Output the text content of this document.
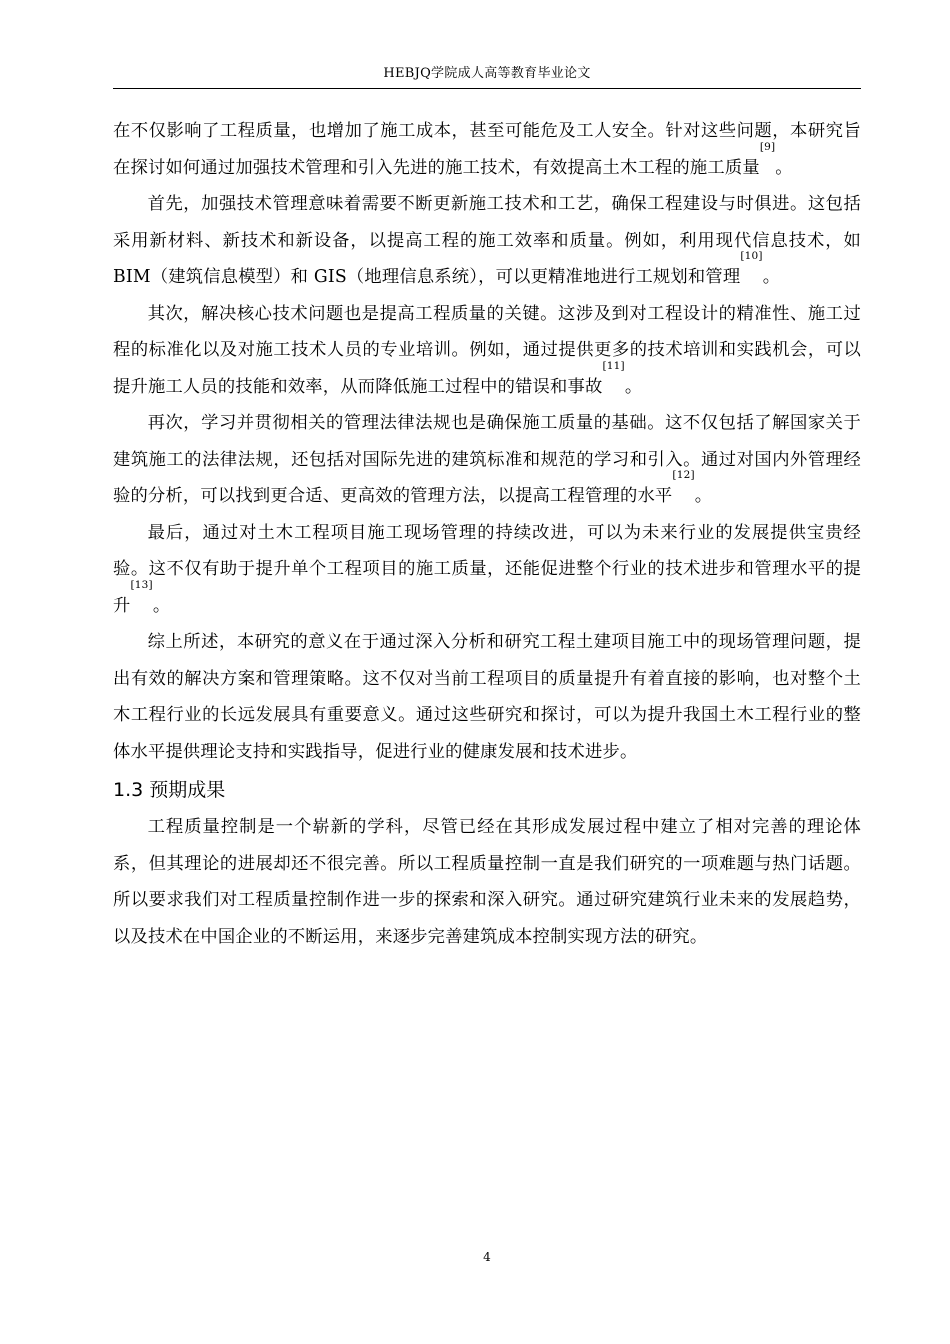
HEBJQ学院成人高等教育毕业论文

在不仅影响了工程质量，也增加了施工成本，甚至可能危及工人安全。针对这些问题，本研究旨在探讨如何通过加强技术管理和引入先进的施工技术，有效提高土木工程的施工质量[9]。

首先，加强技术管理意味着需要不断更新施工技术和工艺，确保工程建设与时俱进。这包括采用新材料、新技术和新设备，以提高工程的施工效率和质量。例如，利用现代信息技术，如 BIM（建筑信息模型）和 GIS（地理信息系统），可以更精准地进行工规划和管理[10]。

其次，解决核心技术问题也是提高工程质量的关键。这涉及到对工程设计的精准性、施工过程的标准化以及对施工技术人员的专业培训。例如，通过提供更多的技术培训和实践机会，可以提升施工人员的技能和效率，从而降低施工过程中的错误和事故[11]。

再次，学习并贯彻相关的管理法律法规也是确保施工质量的基础。这不仅包括了解国家关于建筑施工的法律法规，还包括对国际先进的建筑标准和规范的学习和引入。通过对国内外管理经验的分析，可以找到更合适、更高效的管理方法，以提高工程管理的水平[12]。

最后，通过对土木工程项目施工现场管理的持续改进，可以为未来行业的发展提供宝贵经验。这不仅有助于提升单个工程项目的施工质量，还能促进整个行业的技术进步和管理水平的提升[13]。

综上所述，本研究的意义在于通过深入分析和研究工程土建项目施工中的现场管理问题，提出有效的解决方案和管理策略。这不仅对当前工程项目的质量提升有着直接的影响，也对整个土木工程行业的长远发展具有重要意义。通过这些研究和探讨，可以为提升我国土木工程行业的整体水平提供理论支持和实践指导，促进行业的健康发展和技术进步。

1.3 预期成果

工程质量控制是一个崭新的学科，尽管已经在其形成发展过程中建立了相对完善的理论体系，但其理论的进展却还不很完善。所以工程质量控制一直是我们研究的一项难题与热门话题。所以要求我们对工程质量控制作进一步的探索和深入研究。通过研究建筑行业未来的发展趋势，以及技术在中国企业的不断运用，来逐步完善建筑成本控制实现方法的研究。

4
